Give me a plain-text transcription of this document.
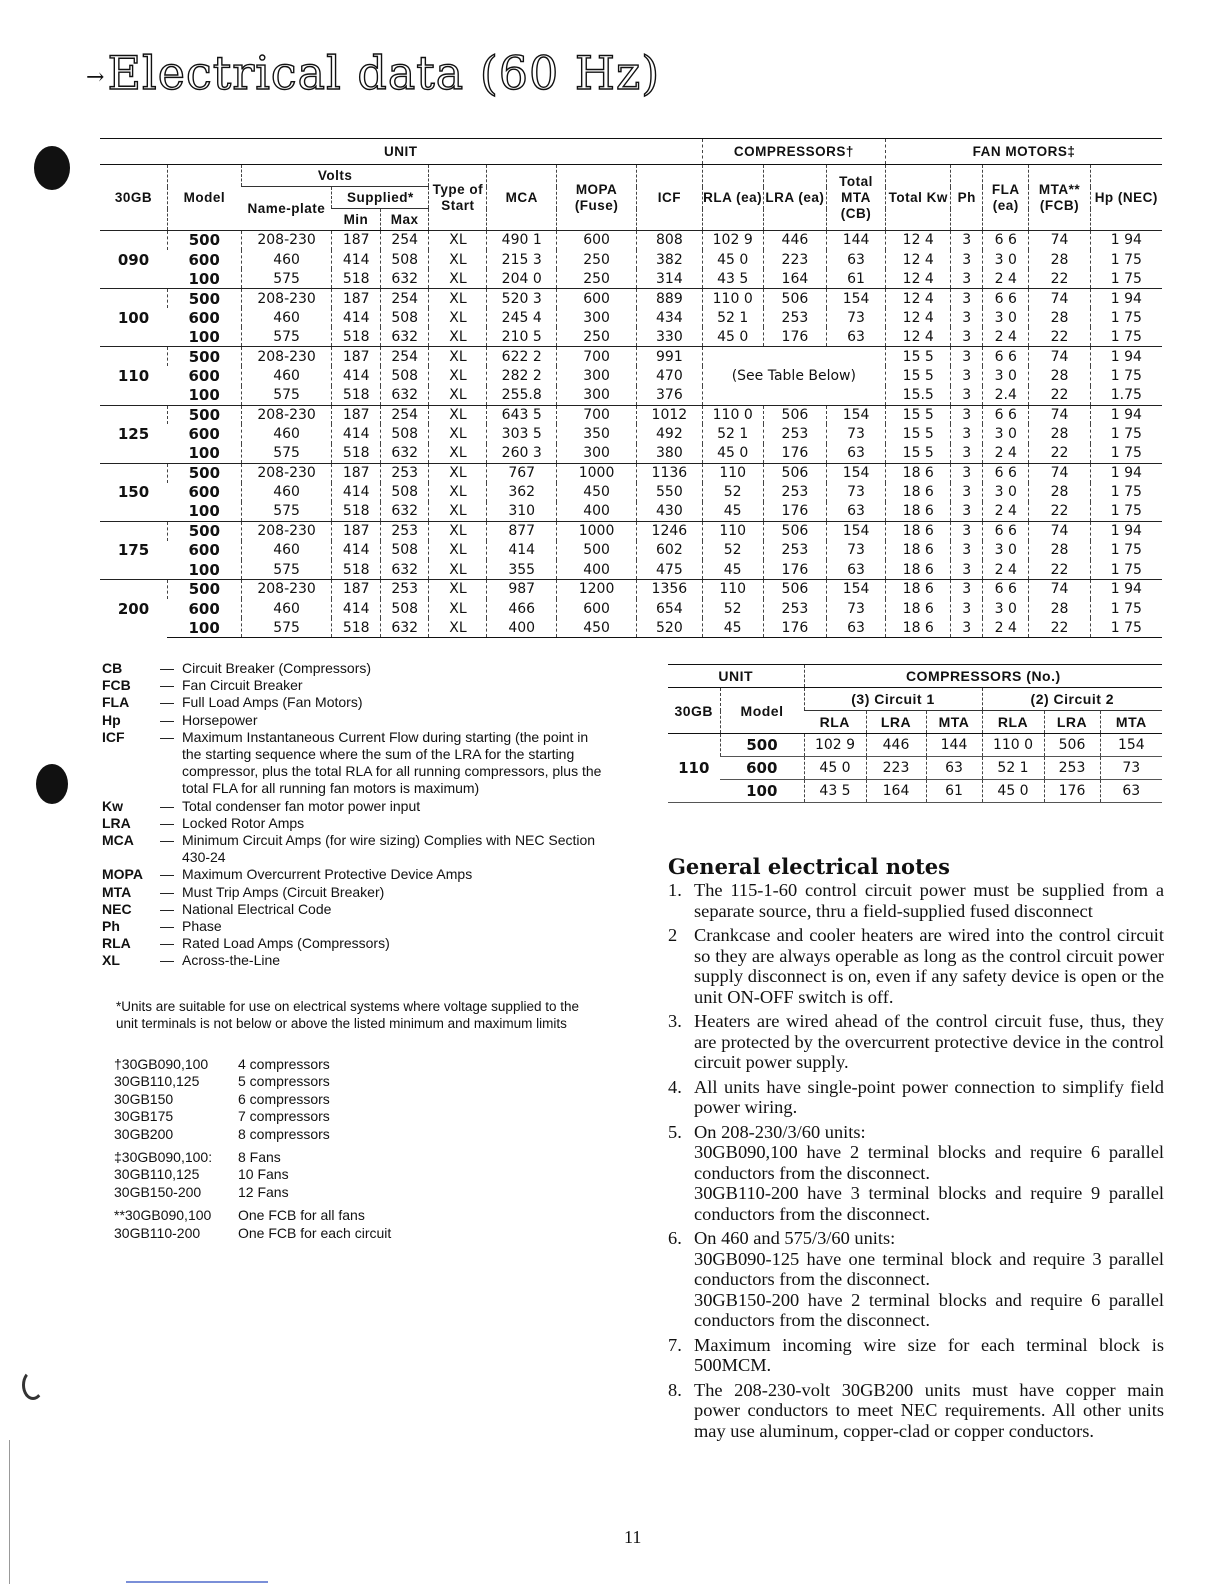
→Electrical data (60 Hz)
UNIT									COMPRESSORS†			FAN MOTORS‡				
30GB	Model	Volts			Type of Start	MCA	MOPA (Fuse)	ICF	RLA (ea)	LRA (ea)	Total MTA (CB)	Total Kw	Ph	FLA (ea)	MTA** (FCB)	Hp (NEC)
		Name-plate	Supplied*													
			Min	Max												
090	500	208-230	187	254	XL	490 1	600	808	102 9	446	144	12 4	3	6 6	74	1 94
	600	460	414	508	XL	215 3	250	382	45 0	223	63	12 4	3	3 0	28	1 75
	100	575	518	632	XL	204 0	250	314	43 5	164	61	12 4	3	2 4	22	1 75
100	500	208-230	187	254	XL	520 3	600	889	110 0	506	154	12 4	3	6 6	74	1 94
	600	460	414	508	XL	245 4	300	434	52 1	253	73	12 4	3	3 0	28	1 75
	100	575	518	632	XL	210 5	250	330	45 0	176	63	12 4	3	2 4	22	1 75
110	500	208-230	187	254	XL	622 2	700	991	(See Table Below)			15 5	3	6 6	74	1 94
	600	460	414	508	XL	282 2	300	470				15 5	3	3 0	28	1 75
	100	575	518	632	XL	255.8	300	376				15.5	3	2.4	22	1.75
125	500	208-230	187	254	XL	643 5	700	1012	110 0	506	154	15 5	3	6 6	74	1 94
	600	460	414	508	XL	303 5	350	492	52 1	253	73	15 5	3	3 0	28	1 75
	100	575	518	632	XL	260 3	300	380	45 0	176	63	15 5	3	2 4	22	1 75
150	500	208-230	187	253	XL	767	1000	1136	110	506	154	18 6	3	6 6	74	1 94
	600	460	414	508	XL	362	450	550	52	253	73	18 6	3	3 0	28	1 75
	100	575	518	632	XL	310	400	430	45	176	63	18 6	3	2 4	22	1 75
175	500	208-230	187	253	XL	877	1000	1246	110	506	154	18 6	3	6 6	74	1 94
	600	460	414	508	XL	414	500	602	52	253	73	18 6	3	3 0	28	1 75
	100	575	518	632	XL	355	400	475	45	176	63	18 6	3	2 4	22	1 75
200	500	208-230	187	253	XL	987	1200	1356	110	506	154	18 6	3	6 6	74	1 94
	600	460	414	508	XL	466	600	654	52	253	73	18 6	3	3 0	28	1 75
	100	575	518	632	XL	400	450	520	45	176	63	18 6	3	2 4	22	1 75
CB	— Circuit Breaker (Compressors)
FCB	— Fan Circuit Breaker
FLA	— Full Load Amps (Fan Motors)
Hp	— Horsepower
ICF	— Maximum Instantaneous Current Flow during starting (the point in the starting sequence where the sum of the LRA for the starting compressor, plus the total RLA for all running compressors, plus the total FLA for all running fan motors is maximum)
Kw	— Total condenser fan motor power input
LRA	— Locked Rotor Amps
MCA	— Minimum Circuit Amps (for wire sizing) Complies with NEC Section 430-24
MOPA	— Maximum Overcurrent Protective Device Amps
MTA	— Must Trip Amps (Circuit Breaker)
NEC	— National Electrical Code
Ph	— Phase
RLA	— Rated Load Amps (Compressors)
XL	— Across-the-Line
*Units are suitable for use on electrical systems where voltage supplied to the unit terminals is not below or above the listed minimum and maximum limits
†30GB090,100	4 compressors
30GB110,125	5 compressors
30GB150	6 compressors
30GB175	7 compressors
30GB200	8 compressors
‡30GB090,100:	8 Fans
30GB110,125	10 Fans
30GB150-200	12 Fans
**30GB090,100	One FCB for all fans
30GB110-200	One FCB for each circuit
UNIT		COMPRESSORS (No.)					
30GB	Model	(3) Circuit 1			(2) Circuit 2		
		RLA	LRA	MTA	RLA	LRA	MTA
110	500	102 9	446	144	110 0	506	154
	600	45 0	223	63	52 1	253	73
	100	43 5	164	61	45 0	176	63
General electrical notes
1. The 115-1-60 control circuit power must be supplied from a separate source, thru a field-supplied fused disconnect

2 Crankcase and cooler heaters are wired into the control circuit so they are always operable as long as the control circuit power supply disconnect is on, even if any safety device is open or the unit ON-OFF switch is off.

3. Heaters are wired ahead of the control circuit fuse, thus, they are protected by the overcurrent protective device in the control circuit power supply.

4. All units have single-point power connection to simplify field power wiring.

5. On 208-230/3/60 units:

30GB090,100 have 2 terminal blocks and require 6 parallel conductors from the disconnect.

30GB110-200 have 3 terminal blocks and require 9 parallel conductors from the disconnect.

6. On 460 and 575/3/60 units:

30GB090-125 have one terminal block and require 3 parallel conductors from the disconnect.

30GB150-200 have 2 terminal blocks and require 6 parallel conductors from the disconnect.

7. Maximum incoming wire size for each terminal block is 500MCM.

8. The 208-230-volt 30GB200 units must have copper main power conductors to meet NEC requirements. All other units may use aluminum, copper-clad or copper conductors.

11
